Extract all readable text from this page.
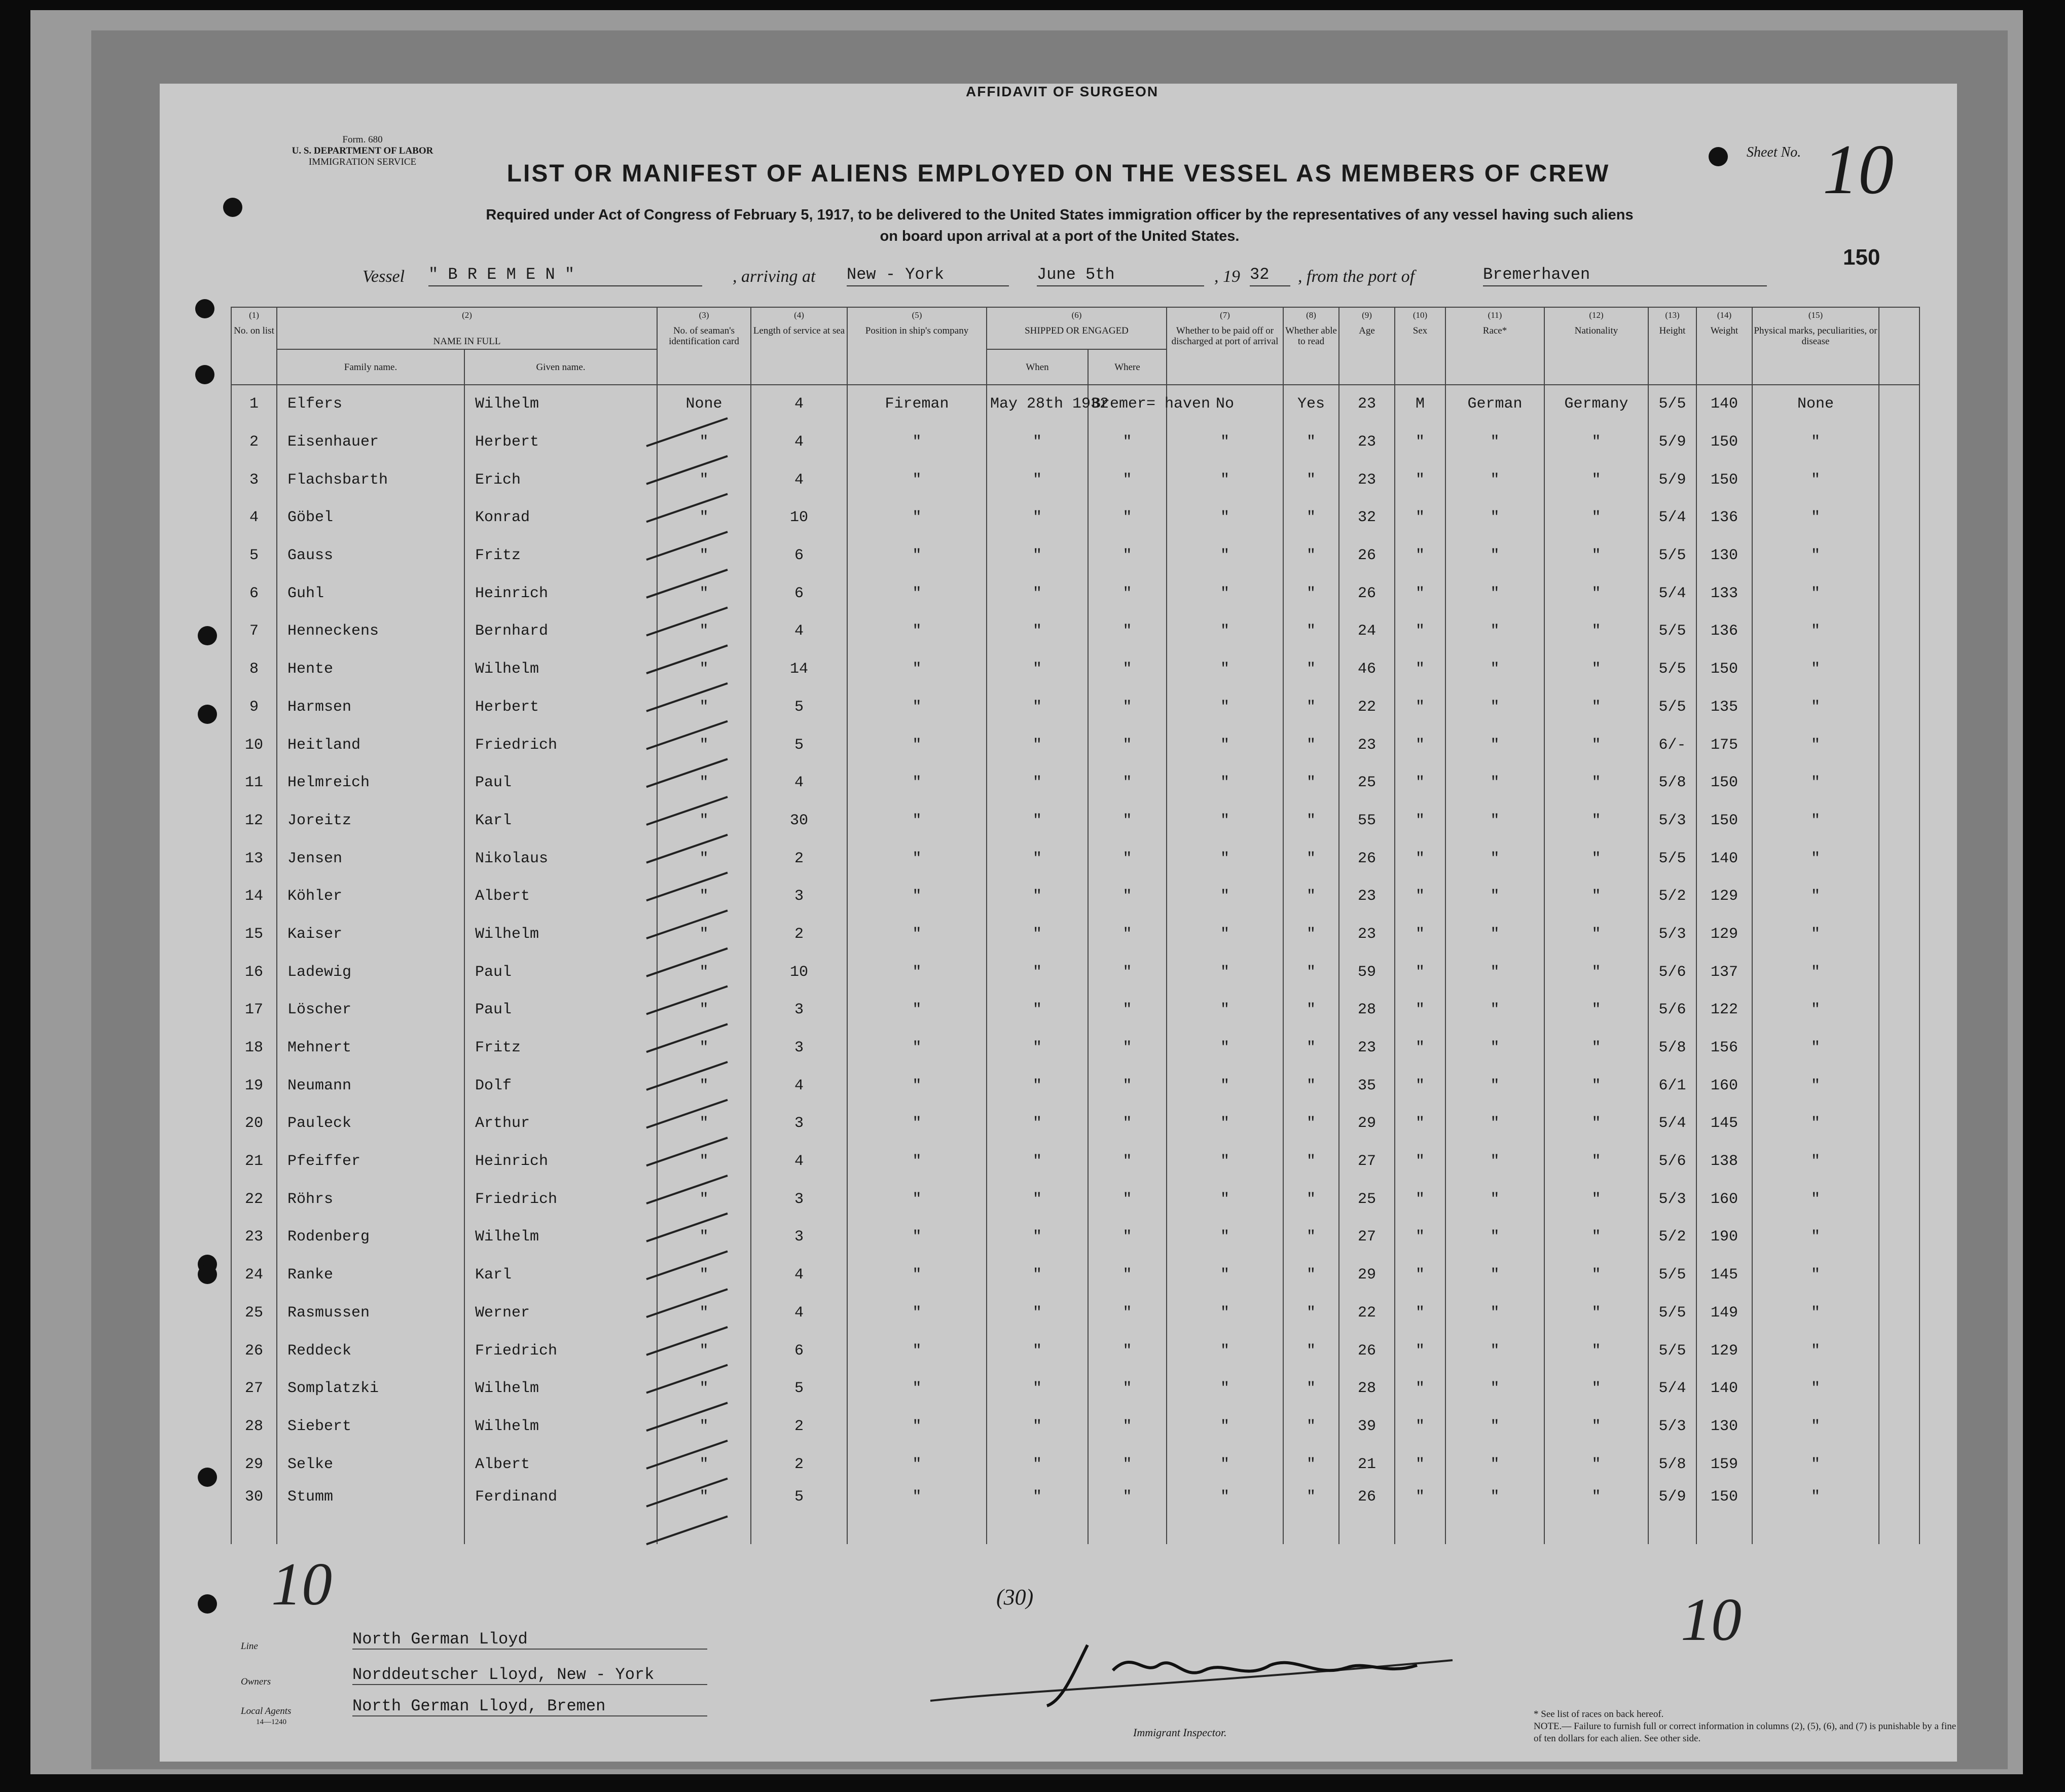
AFFIDAVIT OF SURGEON
Form. 680
U. S. DEPARTMENT OF LABOR
IMMIGRATION SERVICE	LIST OR MANIFEST OF ALIENS EMPLOYED ON THE VESSEL AS MEMBERS OF CREW
Required under Act of Congress of February 5, 1917, to be delivered to the United States immigration officer by the representatives of any vessel having such aliens
on board upon arrival at a port of the United States.
Sheet No. 10
150
Vessel " B R E M E N "	, arriving at New - York	June 5th	, 19 32	, from the port of	Bremerhaven
(1)
No. on list	(2)

NAME IN FULL		(3)
No. of seaman's identification card	(4)
Length of service at sea	(5)
Position in ship's company	(6)
SHIPPED OR ENGAGED		(7)
Whether to be paid off or discharged at port of arrival	(8)
Whether able to read	(9)
Age	(10)
Sex	(11)
Race*	(12)
Nationality	(13)
Height	(14)
Weight	(15)
Physical marks, peculiarities, or disease	
	Family name.	Given name.				When	Where										
1	Elfers	Wilhelm	None	4	Fireman	May 28th 1932	Bremer= haven	No	Yes	23	M	German	Germany	5/5	140	None	
2	Eisenhauer	Herbert	"	4	"	"	"	"	"	23	"	"	"	5/9	150	"	
3	Flachsbarth	Erich	"	4	"	"	"	"	"	23	"	"	"	5/9	150	"	
4	Göbel	Konrad	"	10	"	"	"	"	"	32	"	"	"	5/4	136	"	
5	Gauss	Fritz	"	6	"	"	"	"	"	26	"	"	"	5/5	130	"	
6	Guhl	Heinrich	"	6	"	"	"	"	"	26	"	"	"	5/4	133	"	
7	Henneckens	Bernhard	"	4	"	"	"	"	"	24	"	"	"	5/5	136	"	
8	Hente	Wilhelm	"	14	"	"	"	"	"	46	"	"	"	5/5	150	"	
9	Harmsen	Herbert	"	5	"	"	"	"	"	22	"	"	"	5/5	135	"	
10	Heitland	Friedrich	"	5	"	"	"	"	"	23	"	"	"	6/-	175	"	
11	Helmreich	Paul	"	4	"	"	"	"	"	25	"	"	"	5/8	150	"	
12	Joreitz	Karl	"	30	"	"	"	"	"	55	"	"	"	5/3	150	"	
13	Jensen	Nikolaus	"	2	"	"	"	"	"	26	"	"	"	5/5	140	"	
14	Köhler	Albert	"	3	"	"	"	"	"	23	"	"	"	5/2	129	"	
15	Kaiser	Wilhelm	"	2	"	"	"	"	"	23	"	"	"	5/3	129	"	
16	Ladewig	Paul	"	10	"	"	"	"	"	59	"	"	"	5/6	137	"	
17	Löscher	Paul	"	3	"	"	"	"	"	28	"	"	"	5/6	122	"	
18	Mehnert	Fritz	"	3	"	"	"	"	"	23	"	"	"	5/8	156	"	
19	Neumann	Dolf	"	4	"	"	"	"	"	35	"	"	"	6/1	160	"	
20	Pauleck	Arthur	"	3	"	"	"	"	"	29	"	"	"	5/4	145	"	
21	Pfeiffer	Heinrich	"	4	"	"	"	"	"	27	"	"	"	5/6	138	"	
22	Röhrs	Friedrich	"	3	"	"	"	"	"	25	"	"	"	5/3	160	"	
23	Rodenberg	Wilhelm	"	3	"	"	"	"	"	27	"	"	"	5/2	190	"	
24	Ranke	Karl	"	4	"	"	"	"	"	29	"	"	"	5/5	145	"	
25	Rasmussen	Werner	"	4	"	"	"	"	"	22	"	"	"	5/5	149	"	
26	Reddeck	Friedrich	"	6	"	"	"	"	"	26	"	"	"	5/5	129	"	
27	Somplatzki	Wilhelm	"	5	"	"	"	"	"	28	"	"	"	5/4	140	"	
28	Siebert	Wilhelm	"	2	"	"	"	"	"	39	"	"	"	5/3	130	"	
29	Selke	Albert	"	2	"	"	"	"	"	21	"	"	"	5/8	159	"	
30	Stumm	Ferdinand	"	5	"	"	"	"	"	26	"	"	"	5/9	150	"	
10	(30)	10
Line	North German Lloyd
Owners	Norddeutscher Lloyd, New - York
Local Agents
14—1240
North German Lloyd, Bremen
Immigrant Inspector.
* See list of races on back hereof.
NOTE.— Failure to furnish full or correct information in columns (2), (5), (6), and (7) is punishable by a fine of ten dollars for each alien. See other side.
